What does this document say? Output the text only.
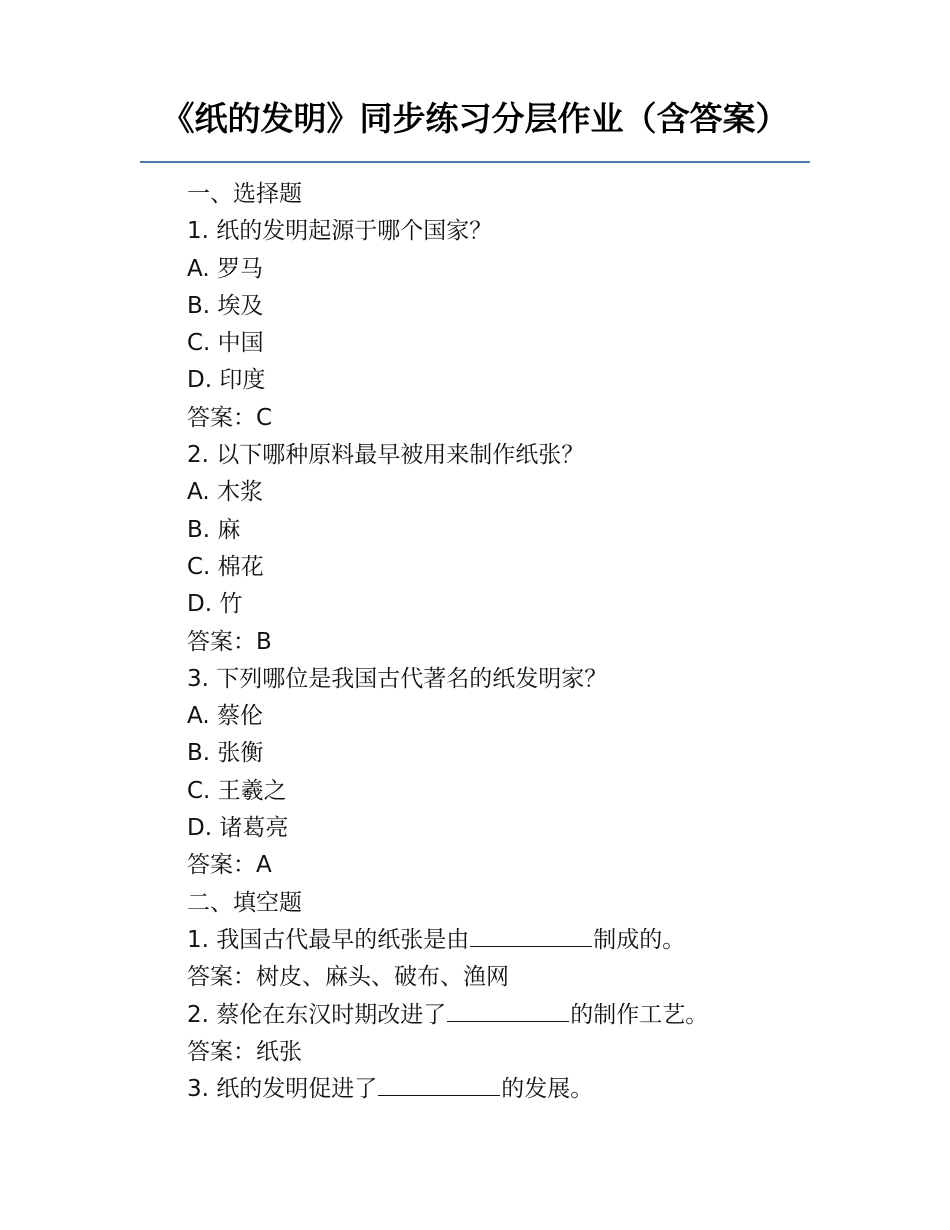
《纸的发明》同步练习分层作业（含答案）
一、选择题
1. 纸的发明起源于哪个国家？
A. 罗马
B. 埃及
C. 中国
D. 印度
答案：C
2. 以下哪种原料最早被用来制作纸张？
A. 木浆
B. 麻
C. 棉花
D. 竹
答案：B
3. 下列哪位是我国古代著名的纸发明家？
A. 蔡伦
B. 张衡
C. 王羲之
D. 诸葛亮
答案：A
二、填空题
1. 我国古代最早的纸张是由	制成的。
答案：树皮、麻头、破布、渔网
2. 蔡伦在东汉时期改进了	的制作工艺。
答案：纸张
3. 纸的发明促进了	的发展。
